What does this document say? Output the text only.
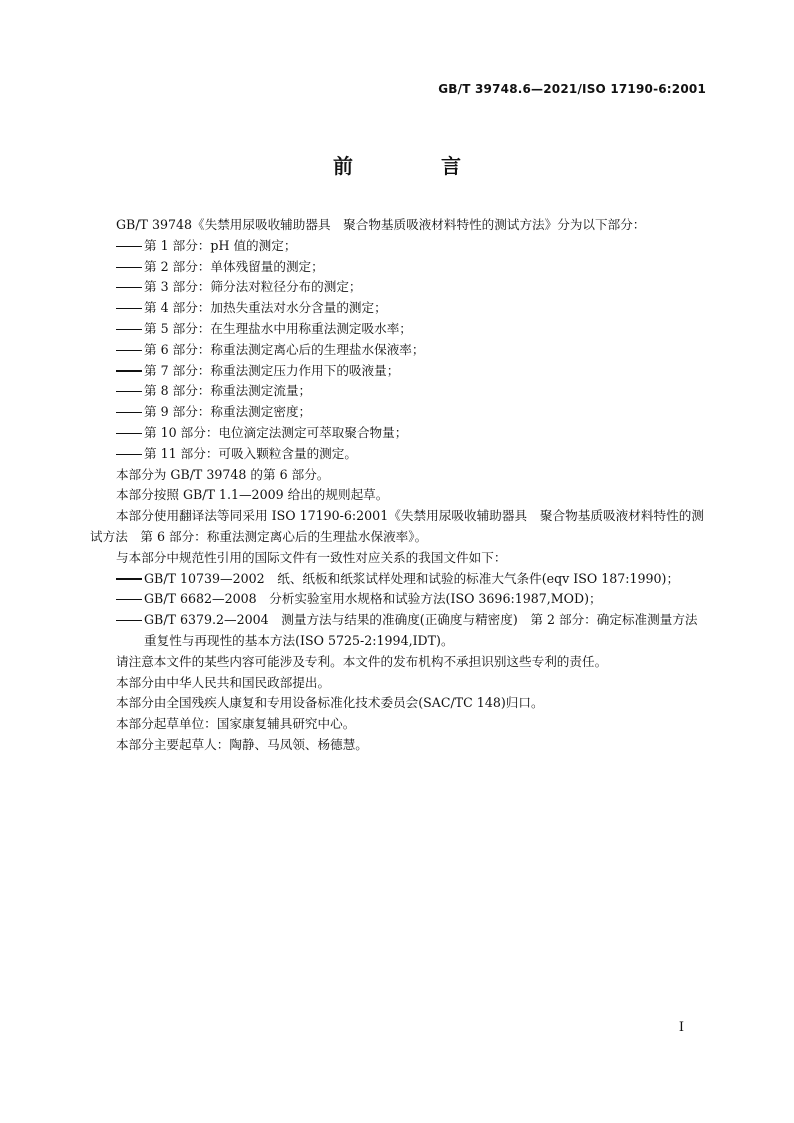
GB/T 39748.6—2021/ISO 17190-6:2001
前　言

GB/T 39748《失禁用尿吸收辅助器具　聚合物基质吸液材料特性的测试方法》分为以下部分：

第 1 部分：pH 值的测定；

第 2 部分：单体残留量的测定；

第 3 部分：筛分法对粒径分布的测定；

第 4 部分：加热失重法对水分含量的测定；

第 5 部分：在生理盐水中用称重法测定吸水率；

第 6 部分：称重法测定离心后的生理盐水保液率；

第 7 部分：称重法测定压力作用下的吸液量；

第 8 部分：称重法测定流量；

第 9 部分：称重法测定密度；

第 10 部分：电位滴定法测定可萃取聚合物量；

第 11 部分：可吸入颗粒含量的测定。

本部分为 GB/T 39748 的第 6 部分。

本部分按照 GB/T 1.1—2009 给出的规则起草。

本部分使用翻译法等同采用 ISO 17190-6:2001《失禁用尿吸收辅助器具　聚合物基质吸液材料特性的测试方法　第 6 部分：称重法测定离心后的生理盐水保液率》。

与本部分中规范性引用的国际文件有一致性对应关系的我国文件如下：

GB/T 10739—2002　纸、纸板和纸浆试样处理和试验的标准大气条件(eqv ISO 187:1990)；

GB/T 6682—2008　分析实验室用水规格和试验方法(ISO 3696:1987,MOD)；

GB/T 6379.2—2004　测量方法与结果的准确度(正确度与精密度)　第 2 部分：确定标准测量方法重复性与再现性的基本方法(ISO 5725-2:1994,IDT)。

请注意本文件的某些内容可能涉及专利。本文件的发布机构不承担识别这些专利的责任。

本部分由中华人民共和国民政部提出。

本部分由全国残疾人康复和专用设备标准化技术委员会(SAC/TC 148)归口。

本部分起草单位：国家康复辅具研究中心。

本部分主要起草人：陶静、马凤领、杨德慧。

I
